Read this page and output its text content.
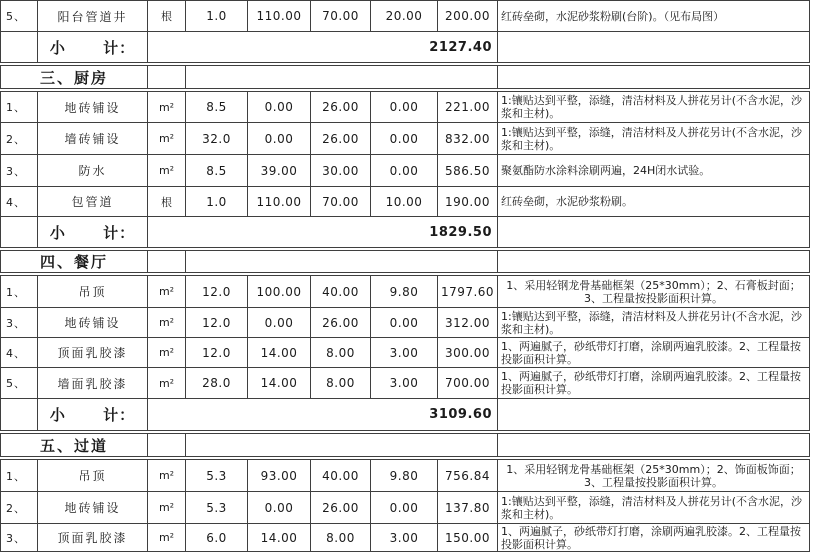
5、	阳台管道井	根	1.0	110.00	70.00	20.00	200.00	红砖垒砌，水泥砂浆粉刷(台阶)。（见布局图）
小      计：	2127.40
三、厨房
1、	地砖铺设	m²	8.5	0.00	26.00	0.00	221.00	1:镶贴达到平整，添缝，清洁材料及人拼花另计(不含水泥，沙浆和主材)。
2、	墙砖铺设	m²	32.0	0.00	26.00	0.00	832.00	1:镶贴达到平整，添缝，清洁材料及人拼花另计(不含水泥，沙浆和主材)。
3、	防水	m²	8.5	39.00	30.00	0.00	586.50	聚氨酯防水涂料涂刷两遍，24H闭水试验。
4、	包管道	根	1.0	110.00	70.00	10.00	190.00	红砖垒砌，水泥砂浆粉刷。
小      计：	1829.50
四、餐厅
1、	吊顶	m²	12.0	100.00	40.00	9.80	1797.60	1、采用轻钢龙骨基础框架（25*30mm）；2、石膏板封面；3、工程量按投影面积计算。
3、	地砖铺设	m²	12.0	0.00	26.00	0.00	312.00	1:镶贴达到平整，添缝，清洁材料及人拼花另计(不含水泥，沙浆和主材)。
4、	顶面乳胶漆	m²	12.0	14.00	8.00	3.00	300.00	1、两遍腻子，砂纸带灯打磨，涂刷两遍乳胶漆。2、工程量按投影面积计算。
5、	墙面乳胶漆	m²	28.0	14.00	8.00	3.00	700.00	1、两遍腻子，砂纸带灯打磨，涂刷两遍乳胶漆。2、工程量按投影面积计算。
小      计：	3109.60
五、过道
1、	吊顶	m²	5.3	93.00	40.00	9.80	756.84	1、采用轻钢龙骨基础框架（25*30mm）；2、饰面板饰面；3、工程量按投影面积计算。
2、	地砖铺设	m²	5.3	0.00	26.00	0.00	137.80	1:镶贴达到平整，添缝，清洁材料及人拼花另计(不含水泥，沙浆和主材)。
3、	顶面乳胶漆	m²	6.0	14.00	8.00	3.00	150.00	1、两遍腻子，砂纸带灯打磨，涂刷两遍乳胶漆。2、工程量按投影面积计算。
